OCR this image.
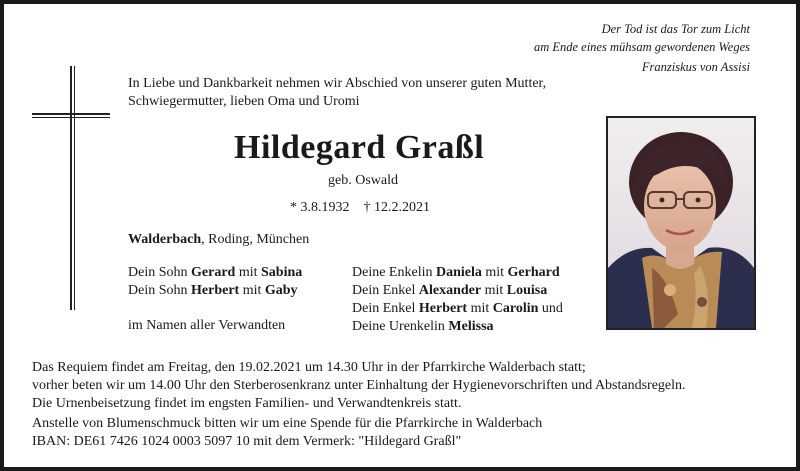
Der Tod ist das Tor zum Licht
am Ende eines mühsam gewordenen Weges
Franziskus von Assisi
In Liebe und Dankbarkeit nehmen wir Abschied von unserer guten Mutter,
Schwiegermutter, lieben Oma und Uromi
Hildegard Graßl
geb. Oswald
* 3.8.1932 † 12.2.2021
Walderbach, Roding, München
Dein Sohn Gerard mit Sabina
Dein Sohn Herbert mit Gaby
Deine Enkelin Daniela mit Gerhard
Dein Enkel Alexander mit Louisa
Dein Enkel Herbert mit Carolin und
Deine Urenkelin Melissa
im Namen aller Verwandten
Das Requiem findet am Freitag, den 19.02.2021 um 14.30 Uhr in der Pfarrkirche Walderbach statt;
vorher beten wir um 14.00 Uhr den Sterberosenkranz unter Einhaltung der Hygienevorschriften und Abstandsregeln.
Die Urnenbeisetzung findet im engsten Familien- und Verwandtenkreis statt.
Anstelle von Blumenschmuck bitten wir um eine Spende für die Pfarrkirche in Walderbach
IBAN: DE61 7426 1024 0003 5097 10 mit dem Vermerk: "Hildegard Graßl"
